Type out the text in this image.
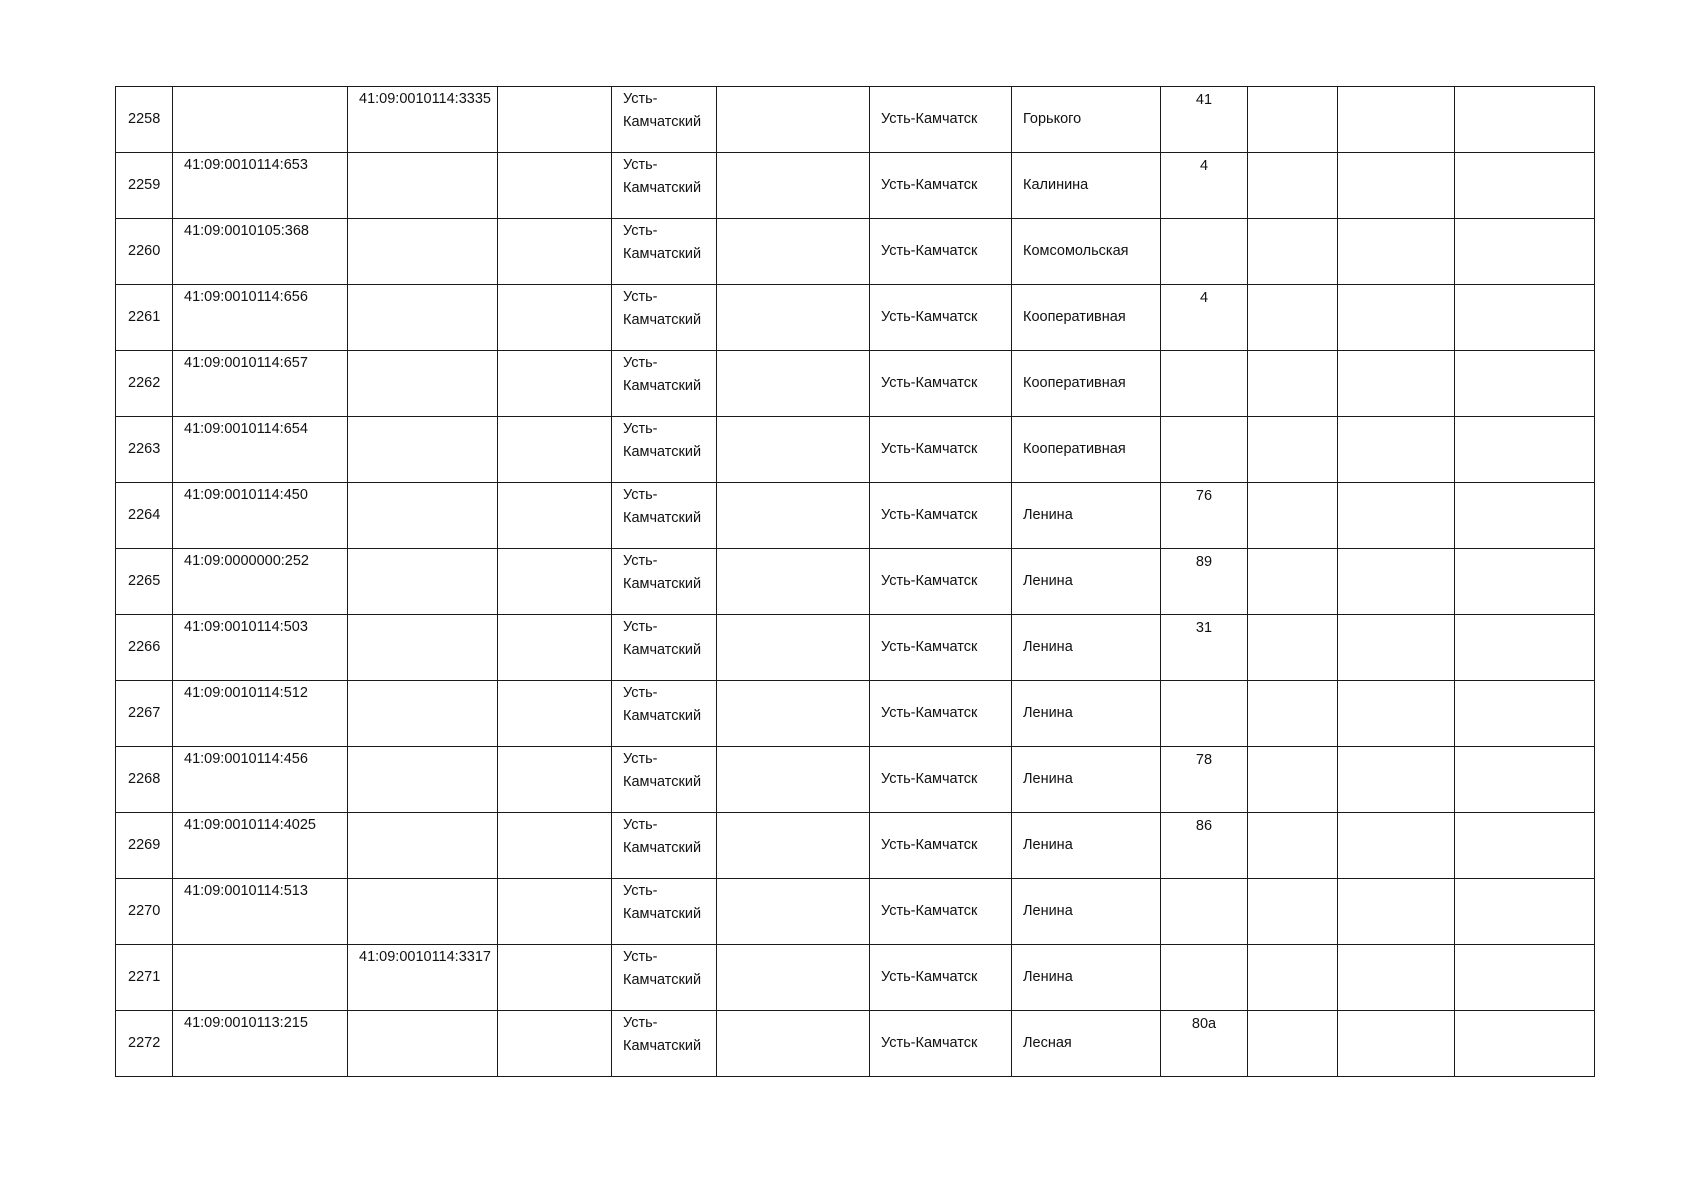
2258		41:09:0010114:3335		Усть-Камчатский		Усть-Камчатск	Горького	41			
2259	41:09:0010114:653			Усть-Камчатский		Усть-Камчатск	Калинина	4			
2260	41:09:0010105:368			Усть-Камчатский		Усть-Камчатск	Комсомольская				
2261	41:09:0010114:656			Усть-Камчатский		Усть-Камчатск	Кооперативная	4			
2262	41:09:0010114:657			Усть-Камчатский		Усть-Камчатск	Кооперативная				
2263	41:09:0010114:654			Усть-Камчатский		Усть-Камчатск	Кооперативная				
2264	41:09:0010114:450			Усть-Камчатский		Усть-Камчатск	Ленина	76			
2265	41:09:0000000:252			Усть-Камчатский		Усть-Камчатск	Ленина	89			
2266	41:09:0010114:503			Усть-Камчатский		Усть-Камчатск	Ленина	31			
2267	41:09:0010114:512			Усть-Камчатский		Усть-Камчатск	Ленина				
2268	41:09:0010114:456			Усть-Камчатский		Усть-Камчатск	Ленина	78			
2269	41:09:0010114:4025			Усть-Камчатский		Усть-Камчатск	Ленина	86			
2270	41:09:0010114:513			Усть-Камчатский		Усть-Камчатск	Ленина				
2271		41:09:0010114:3317		Усть-Камчатский		Усть-Камчатск	Ленина				
2272	41:09:0010113:215			Усть-Камчатский		Усть-Камчатск	Лесная	80а			
